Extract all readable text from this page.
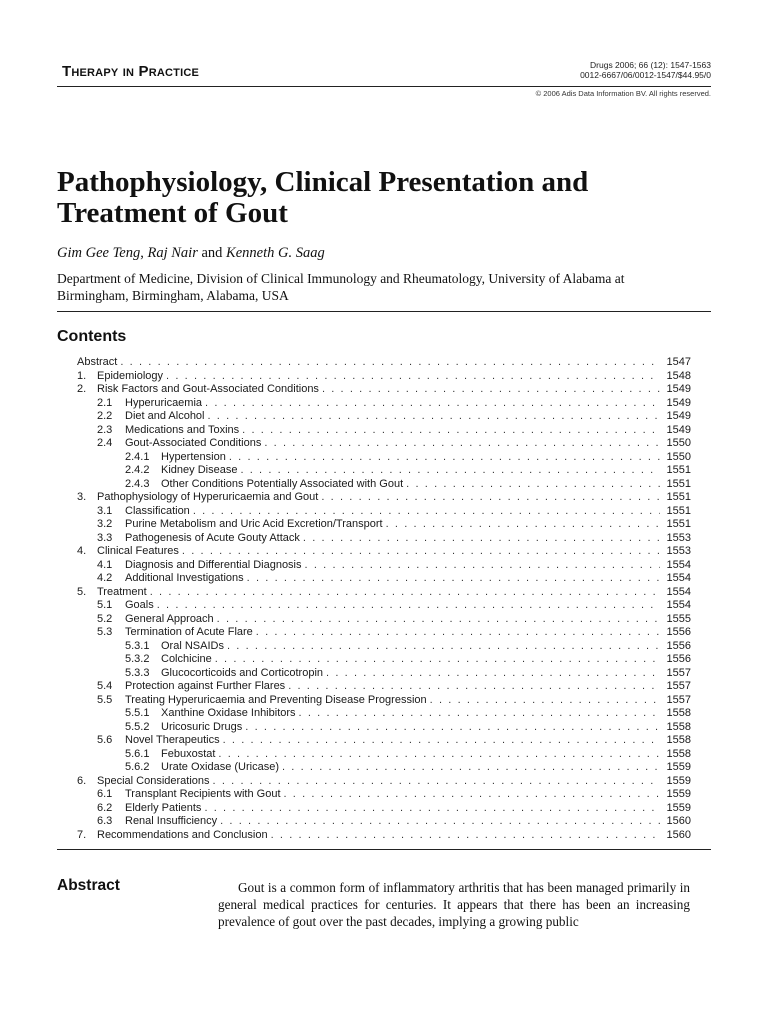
Therapy in Practice	Drugs 2006; 66 (12): 1547-1563
0012-6667/06/0012-1547/$44.95/0
© 2006 Adis Data Information BV. All rights reserved.
Pathophysiology, Clinical Presentation and Treatment of Gout
Gim Gee Teng, Raj Nair and Kenneth G. Saag
Department of Medicine, Division of Clinical Immunology and Rheumatology, University of Alabama at Birmingham, Birmingham, Alabama, USA
Contents
Abstract . . .	1547
1. Epidemiology . . .	1548
2. Risk Factors and Gout-Associated Conditions . . .	1549
2.1	Hyperuricaemia . . .	1549
2.2	Diet and Alcohol . . .	1549
2.3	Medications and Toxins . . .	1549
2.4	Gout-Associated Conditions . . .	1550
2.4.1	Hypertension . . .	1550
2.4.2	Kidney Disease . . .	1551
2.4.3	Other Conditions Potentially Associated with Gout . . .	1551
3. Pathophysiology of Hyperuricaemia and Gout . . .	1551
3.1	Classification . . .	1551
3.2	Purine Metabolism and Uric Acid Excretion/Transport . . .	1551
3.3	Pathogenesis of Acute Gouty Attack . . .	1553
4. Clinical Features . . .	1553
4.1	Diagnosis and Differential Diagnosis . . .	1554
4.2	Additional Investigations . . .	1554
5. Treatment . . .	1554
5.1	Goals . . .	1554
5.2	General Approach . . .	1555
5.3	Termination of Acute Flare . . .	1556
5.3.1	Oral NSAIDs . . .	1556
5.3.2	Colchicine . . .	1556
5.3.3	Glucocorticoids and Corticotropin . . .	1557
5.4	Protection against Further Flares . . .	1557
5.5	Treating Hyperuricaemia and Preventing Disease Progression . . .	1557
5.5.1	Xanthine Oxidase Inhibitors . . .	1558
5.5.2	Uricosuric Drugs . . .	1558
5.6	Novel Therapeutics . . .	1558
5.6.1	Febuxostat . . .	1558
5.6.2	Urate Oxidase (Uricase) . . .	1559
6. Special Considerations . . .	1559
6.1	Transplant Recipients with Gout . . .	1559
6.2	Elderly Patients . . .	1559
6.3	Renal Insufficiency . . .	1560
7. Recommendations and Conclusion . . .	1560
Abstract	Gout is a common form of inflammatory arthritis that has been managed primarily in general medical practices for centuries. It appears that there has been an increasing prevalence of gout over the past decades, implying a growing public
